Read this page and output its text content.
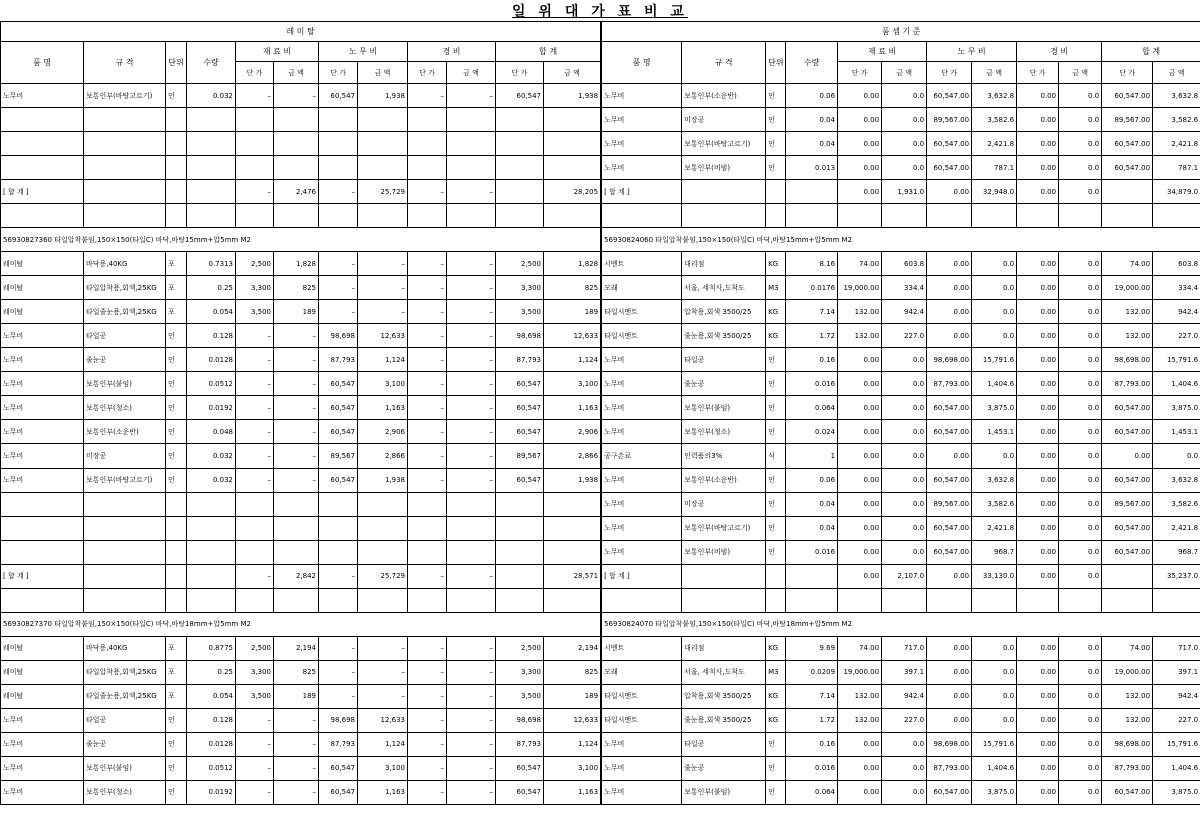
일 위 대 가 표 비 교
레 미 탈											
품 명	규 격	단위	수량	재 료 비		노 무 비		경 비		합 계	
				단 가	금 액	단 가	금 액	단 가	금 액	단 가	금 액
노무비	보통인부(바탕고르기)	인	0.032	–	–	60,547	1,938	–	–	60,547	1,938

[ 합 계 ]				–	2,476	–	25,729	–	–		28,205

56930827360 타일압착붙임,150×150(타일C) 바닥,바탕15mm+압5mm M2											
레미탈	바닥용,40KG	포	0.7313	2,500	1,828	–	–	–	–	2,500	1,828
레미탈	타일압착용,회색,25KG	포	0.25	3,300	825	–	–	–	–	3,300	825
레미탈	타일줄눈용,회색,25KG	포	0.054	3,500	189	–	–	–	–	3,500	189
노무비	타일공	인	0.128	–	–	98,698	12,633	–	–	98,698	12,633
노무비	줄눈공	인	0.0128	–	–	87,793	1,124	–	–	87,793	1,124
노무비	보통인부(붙임)	인	0.0512	–	–	60,547	3,100	–	–	60,547	3,100
노무비	보통인부(청소)	인	0.0192	–	–	60,547	1,163	–	–	60,547	1,163
노무비	보통인부(소운반)	인	0.048	–	–	60,547	2,906	–	–	60,547	2,906
노무비	미장공	인	0.032	–	–	89,567	2,866	–	–	89,567	2,866
노무비	보통인부(바탕고르기)	인	0.032	–	–	60,547	1,938	–	–	60,547	1,938

[ 합 계 ]				–	2,842	–	25,729	–	–		28,571

56930827370 타일압착붙임,150×150(타일C) 바닥,바탕18mm+압5mm M2											
레미탈	바닥용,40KG	포	0.8775	2,500	2,194	–	–	–	–	2,500	2,194
레미탈	타일압착용,회색,25KG	포	0.25	3,300	825	–	–	–	–	3,300	825
레미탈	타일줄눈용,회색,25KG	포	0.054	3,500	189	–	–	–	–	3,500	189
노무비	타일공	인	0.128	–	–	98,698	12,633	–	–	98,698	12,633
노무비	줄눈공	인	0.0128	–	–	87,793	1,124	–	–	87,793	1,124
노무비	보통인부(붙임)	인	0.0512	–	–	60,547	3,100	–	–	60,547	3,100
노무비	보통인부(청소)	인	0.0192	–	–	60,547	1,163	–	–	60,547	1,163
품 셈 기 준											
품 명	규 격	단위	수량	재 료 비		노 무 비		경 비		합 계	
				단 가	금 액	단 가	금 액	단 가	금 액	단 가	금 액
노무비	보통인부(소운반)	인	0.06	0.00	0.0	60,547.00	3,632.8	0.00	0.0	60,547.00	3,632.8
노무비	미장공	인	0.04	0.00	0.0	89,567.00	3,582.6	0.00	0.0	89,567.00	3,582.6
노무비	보통인부(바탕고르기)	인	0.04	0.00	0.0	60,547.00	2,421.8	0.00	0.0	60,547.00	2,421.8
노무비	보통인부(비빔)	인	0.013	0.00	0.0	60,547.00	787.1	0.00	0.0	60,547.00	787.1
[ 합 계 ]				0.00	1,931.0	0.00	32,948.0	0.00	0.0		34,879.0

56930824060 타일압착붙임,150×150(타일C) 바닥,바탕15mm+압5mm M2											
시멘트	대리점	KG	8.16	74.00	603.8	0.00	0.0	0.00	0.0	74.00	603.8
모래	서울, 세척사,도착도	M3	0.0176	19,000.00	334.4	0.00	0.0	0.00	0.0	19,000.00	334.4
타일시멘트	압착용,회색 3500/25	KG	7.14	132.00	942.4	0.00	0.0	0.00	0.0	132.00	942.4
타일시멘트	줄눈용,회색 3500/25	KG	1.72	132.00	227.0	0.00	0.0	0.00	0.0	132.00	227.0
노무비	타일공	인	0.16	0.00	0.0	98,698.00	15,791.6	0.00	0.0	98,698.00	15,791.6
노무비	줄눈공	인	0.016	0.00	0.0	87,793.00	1,404.6	0.00	0.0	87,793.00	1,404.6
노무비	보통인부(붙임)	인	0.064	0.00	0.0	60,547.00	3,875.0	0.00	0.0	60,547.00	3,875.0
노무비	보통인부(청소)	인	0.024	0.00	0.0	60,547.00	1,453.1	0.00	0.0	60,547.00	1,453.1
공구손료	인력품의3%	식	1	0.00	0.0	0.00	0.0	0.00	0.0	0.00	0.0
노무비	보통인부(소운반)	인	0.06	0.00	0.0	60,547.00	3,632.8	0.00	0.0	60,547.00	3,632.8
노무비	미장공	인	0.04	0.00	0.0	89,567.00	3,582.6	0.00	0.0	89,567.00	3,582.6
노무비	보통인부(바탕고르기)	인	0.04	0.00	0.0	60,547.00	2,421.8	0.00	0.0	60,547.00	2,421.8
노무비	보통인부(비빔)	인	0.016	0.00	0.0	60,547.00	968.7	0.00	0.0	60,547.00	968.7
[ 합 계 ]				0.00	2,107.0	0.00	33,130.0	0.00	0.0		35,237.0

56930824070 타일압착붙임,150×150(타일C) 바닥,바탕18mm+압5mm M2											
시멘트	대리점	KG	9.69	74.00	717.0	0.00	0.0	0.00	0.0	74.00	717.0
모래	서울, 세척사,도착도	M3	0.0209	19,000.00	397.1	0.00	0.0	0.00	0.0	19,000.00	397.1
타일시멘트	압착용,회색 3500/25	KG	7.14	132.00	942.4	0.00	0.0	0.00	0.0	132.00	942.4
타일시멘트	줄눈용,회색 3500/25	KG	1.72	132.00	227.0	0.00	0.0	0.00	0.0	132.00	227.0
노무비	타일공	인	0.16	0.00	0.0	98,698.00	15,791.6	0.00	0.0	98,698.00	15,791.6
노무비	줄눈공	인	0.016	0.00	0.0	87,793.00	1,404.6	0.00	0.0	87,793.00	1,404.6
노무비	보통인부(붙임)	인	0.064	0.00	0.0	60,547.00	3,875.0	0.00	0.0	60,547.00	3,875.0
